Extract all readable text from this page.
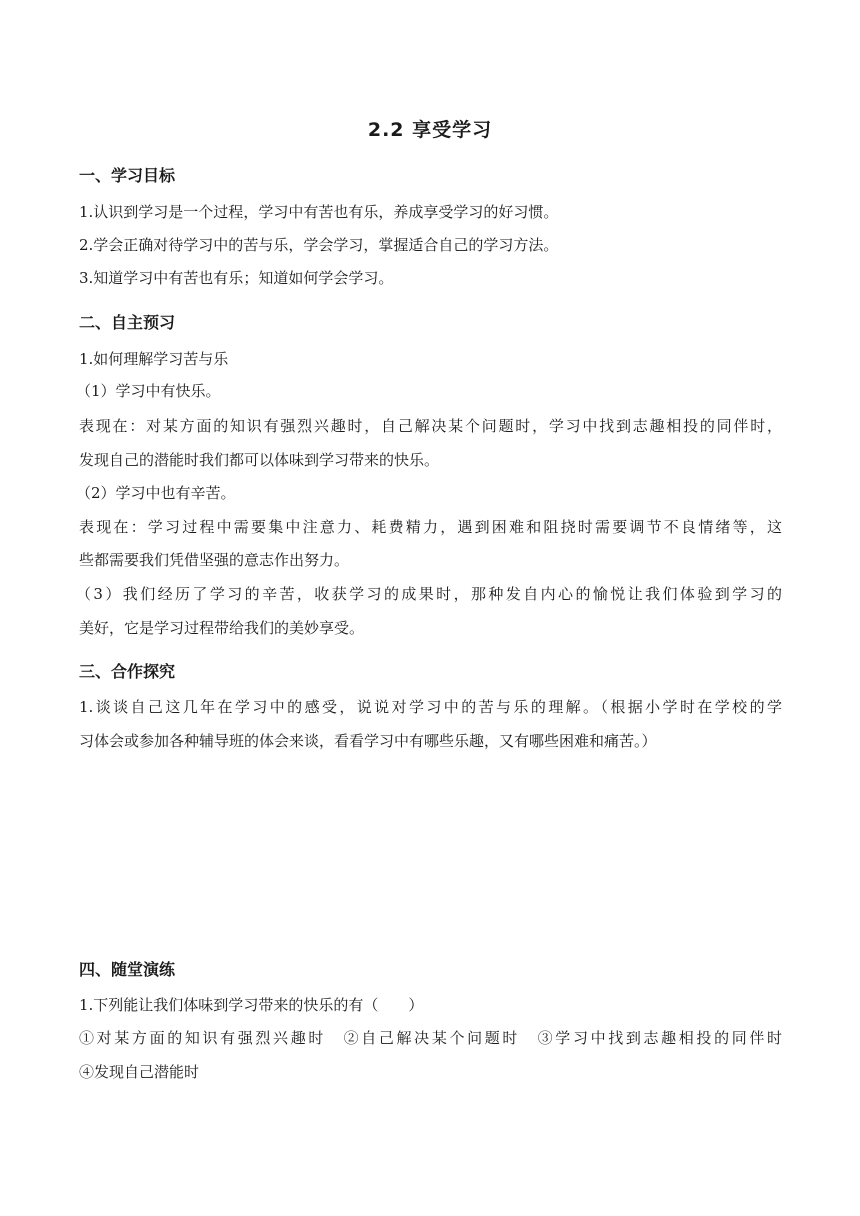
2.2 享受学习
一、学习目标
1.认识到学习是一个过程，学习中有苦也有乐，养成享受学习的好习惯。
2.学会正确对待学习中的苦与乐，学会学习，掌握适合自己的学习方法。
3.知道学习中有苦也有乐；知道如何学会学习。
二、自主预习
1.如何理解学习苦与乐
（1）学习中有快乐。
表现在：对某方面的知识有强烈兴趣时，自己解决某个问题时，学习中找到志趣相投的同伴时，
发现自己的潜能时我们都可以体味到学习带来的快乐。
（2）学习中也有辛苦。
表现在：学习过程中需要集中注意力、耗费精力，遇到困难和阻挠时需要调节不良情绪等，这
些都需要我们凭借坚强的意志作出努力。
（3）我们经历了学习的辛苦，收获学习的成果时，那种发自内心的愉悦让我们体验到学习的
美好，它是学习过程带给我们的美妙享受。
三、合作探究
1.谈谈自己这几年在学习中的感受，说说对学习中的苦与乐的理解。（根据小学时在学校的学
习体会或参加各种辅导班的体会来谈，看看学习中有哪些乐趣，又有哪些困难和痛苦。）
四、随堂演练
1.下列能让我们体味到学习带来的快乐的有（　　）
①对某方面的知识有强烈兴趣时　②自己解决某个问题时　③学习中找到志趣相投的同伴时
④发现自己潜能时
